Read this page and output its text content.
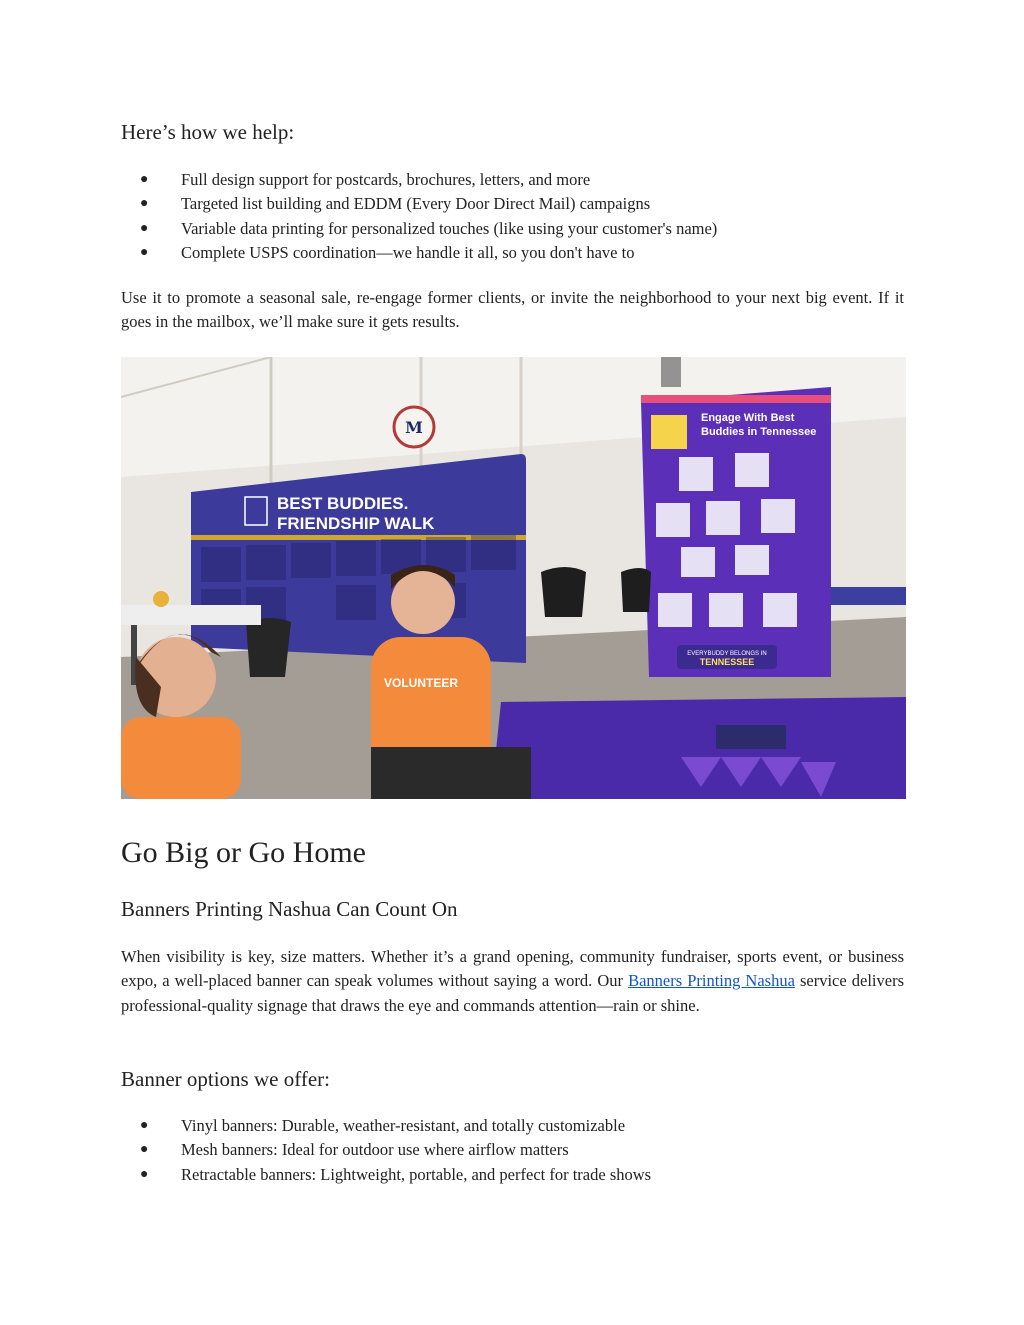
Here’s how we help:
● Full design support for postcards, brochures, letters, and more
● Targeted list building and EDDM (Every Door Direct Mail) campaigns
● Variable data printing for personalized touches (like using your customer's name)
● Complete USPS coordination—we handle it all, so you don't have to

Use it to promote a seasonal sale, re-engage former clients, or invite the neighborhood to your next big event. If it goes in the mailbox, we’ll make sure it gets results.

Go Big or Go Home
Banners Printing Nashua Can Count On

When visibility is key, size matters. Whether it’s a grand opening, community fundraiser, sports event, or business expo, a well-placed banner can speak volumes without saying a word. Our Banners Printing Nashua service delivers professional-quality signage that draws the eye and commands attention—rain or shine.

Banner options we offer:
● Vinyl banners: Durable, weather-resistant, and totally customizable
● Mesh banners: Ideal for outdoor use where airflow matters
● Retractable banners: Lightweight, portable, and perfect for trade shows
M
BEST BUDDIES.
FRIENDSHIP WALK
Engage With Best
Buddies in Tennessee
EVERYBUDDY BELONGS IN
TENNESSEE
VOLUNTEER
